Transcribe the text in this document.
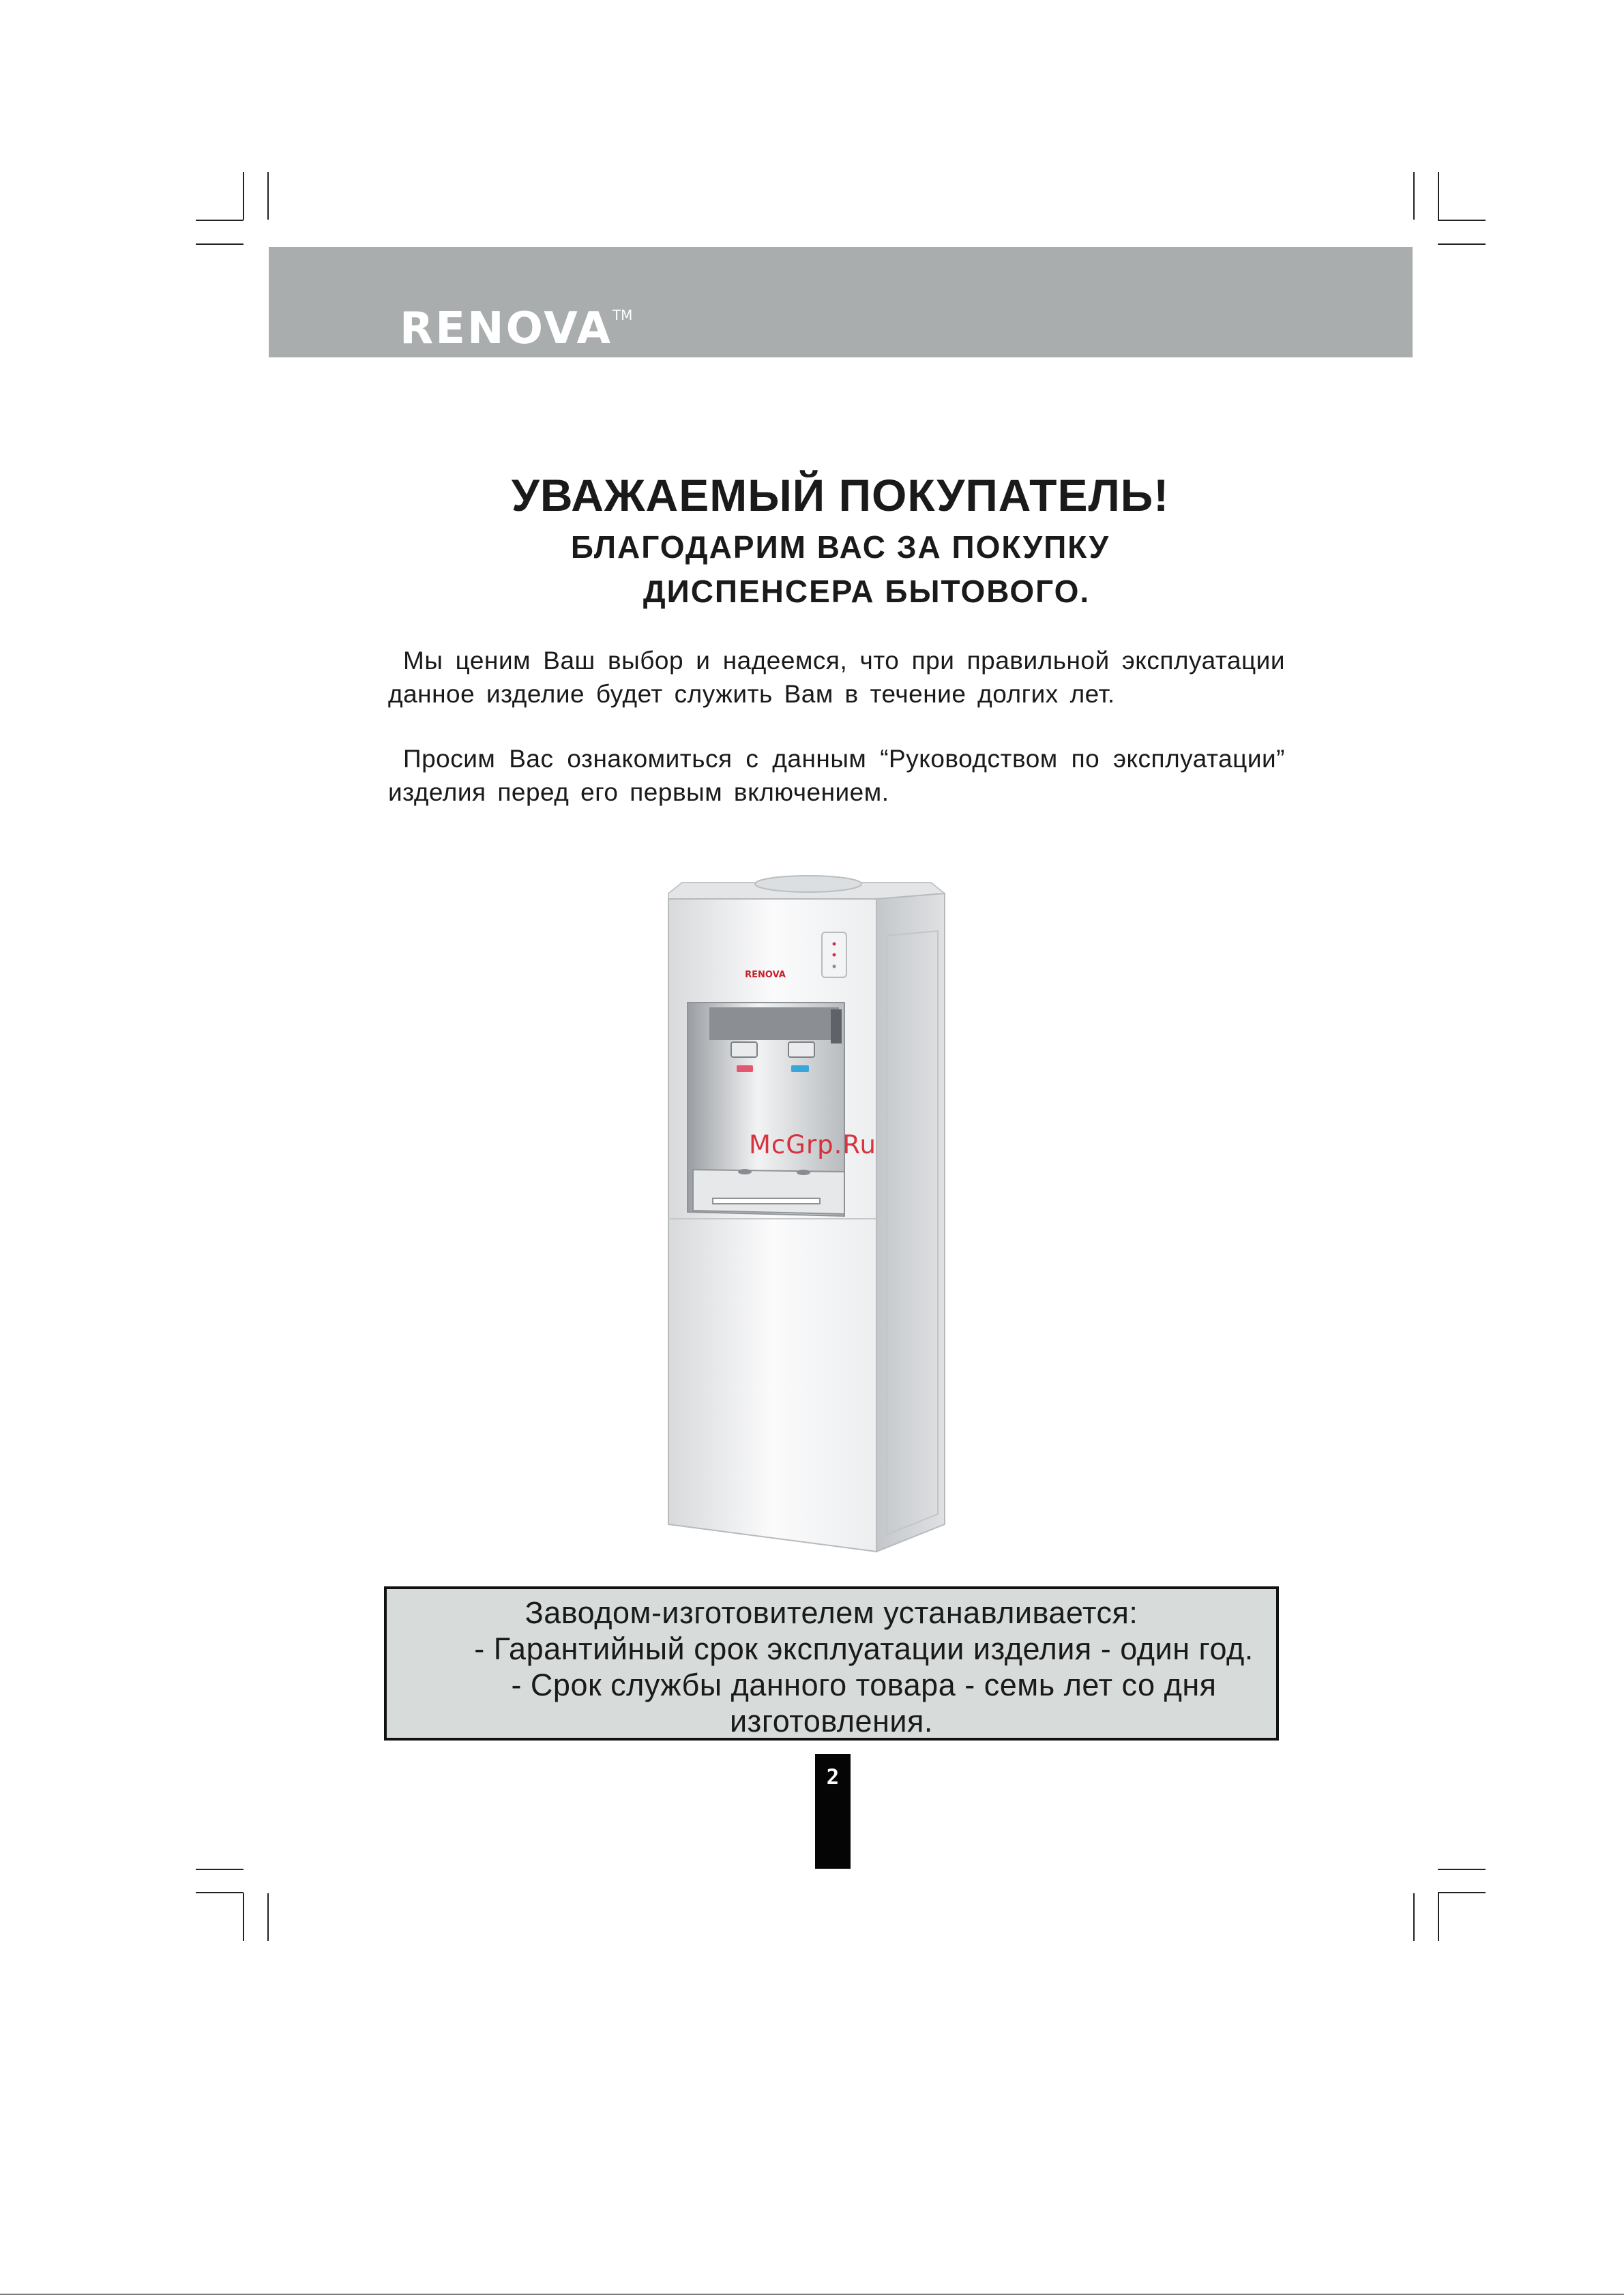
RENOVA™

УВАЖАЕМЫЙ ПОКУПАТЕЛЬ!
БЛАГОДАРИМ ВАС ЗА ПОКУПКУ
ДИСПЕНСЕРА БЫТОВОГО.

Мы ценим Ваш выбор и надеемся, что при правильной эксплуатации данное изделие будет служить Вам в течение долгих лет.

Просим Вас ознакомиться с данным “Руководством по эксплуатации” изделия перед его первым включением.

RENOVA

McGrp.Ru

Заводом-изготовителем устанавливается:

- Гарантийный срок эксплуатации изделия - один год.

- Срок службы данного товара - семь лет со дня

изготовления.

2
